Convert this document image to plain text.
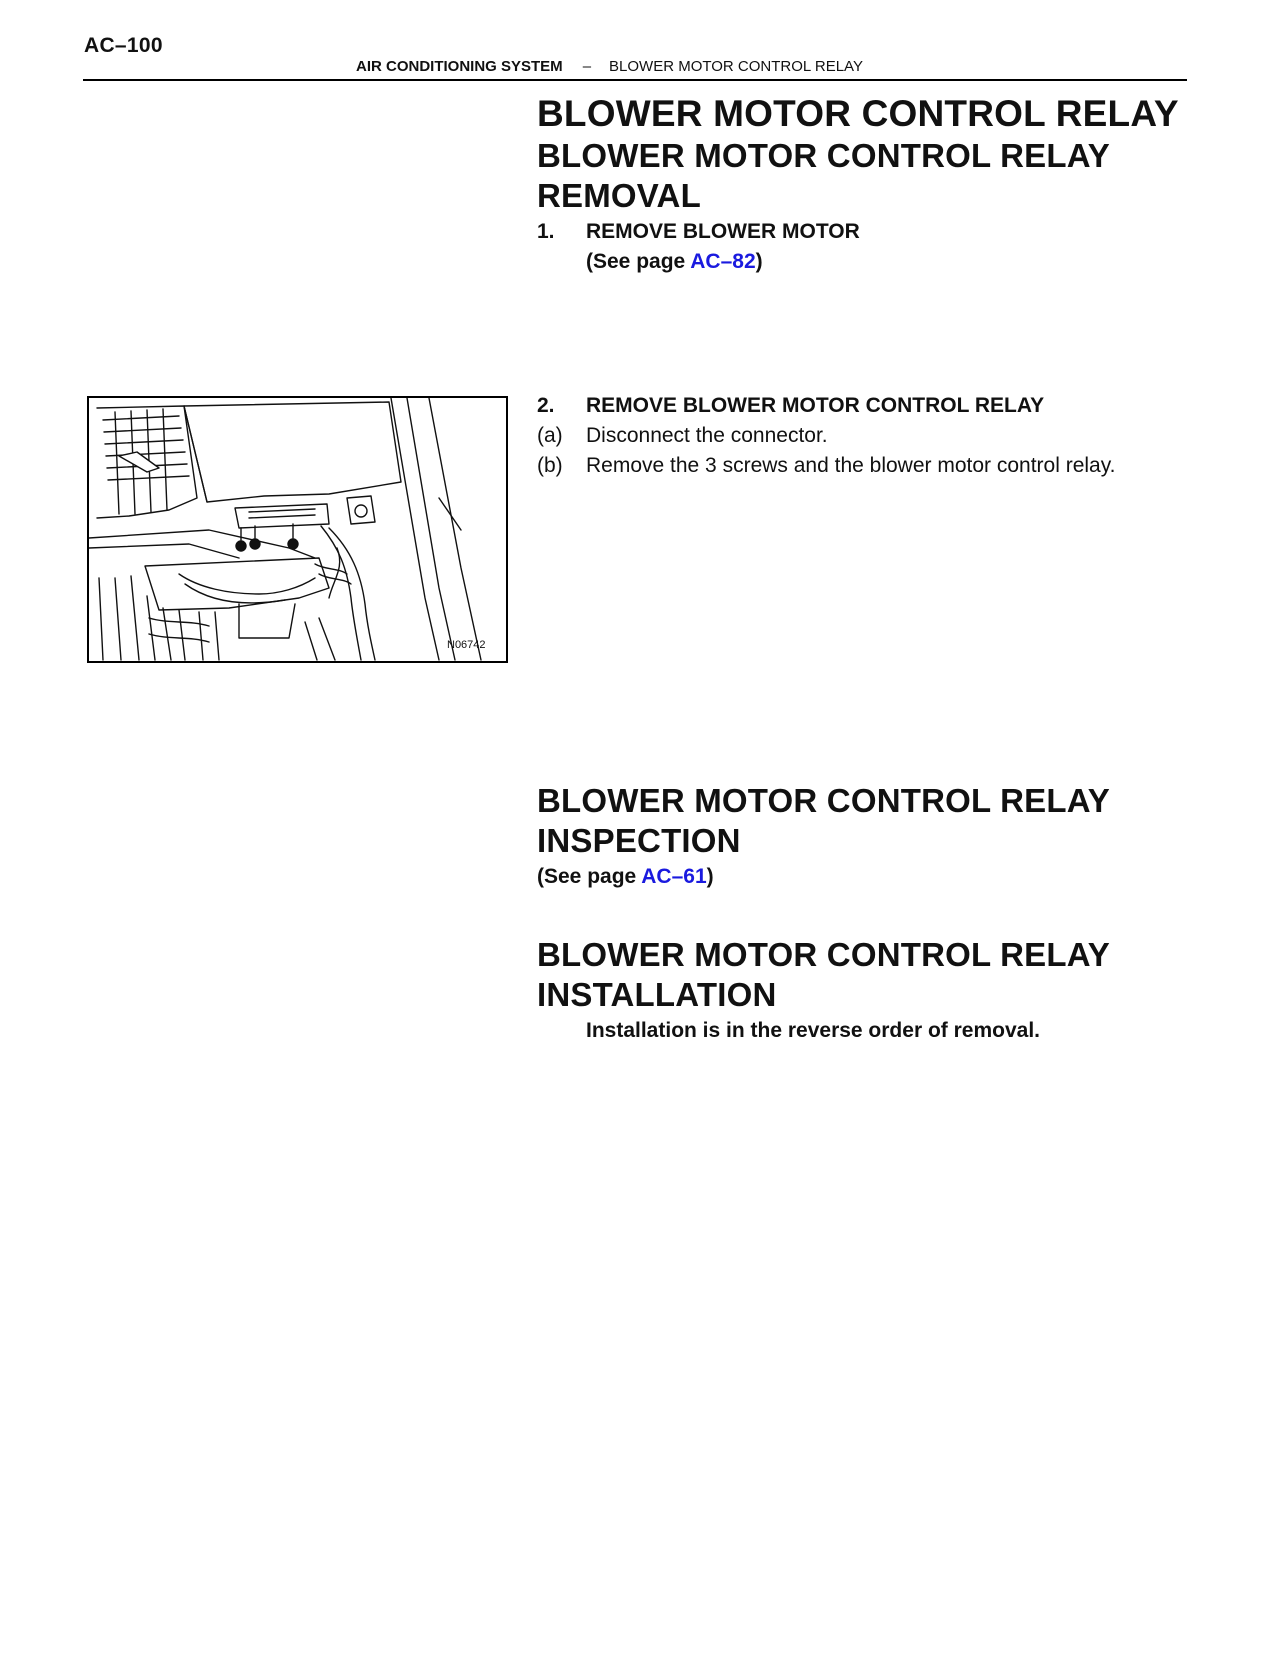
AC–100
AIR CONDITIONING SYSTEM – BLOWER MOTOR CONTROL RELAY
BLOWER MOTOR CONTROL RELAY
BLOWER MOTOR CONTROL RELAY
REMOVAL
1.	REMOVE BLOWER MOTOR
(See page AC–82)
2.	REMOVE BLOWER MOTOR CONTROL RELAY
(a)	Disconnect the connector.
(b)	Remove the 3 screws and the blower motor control relay.
N06742
BLOWER MOTOR CONTROL RELAY
INSPECTION
(See page AC–61)
BLOWER MOTOR CONTROL RELAY
INSTALLATION
Installation is in the reverse order of removal.
